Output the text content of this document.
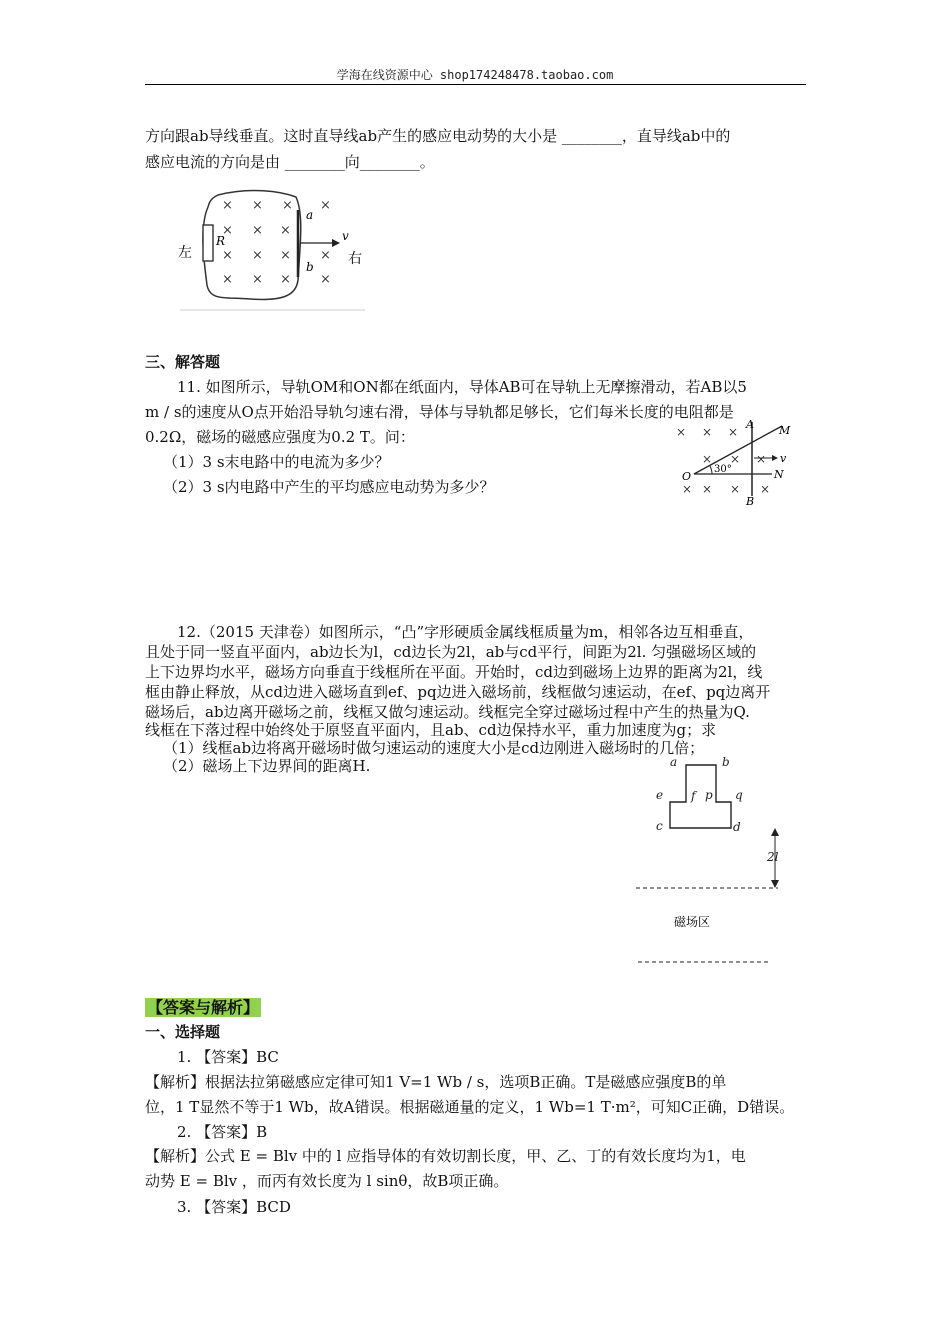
学海在线资源中心 shop174248478.taobao.com
方向跟ab导线垂直。这时直导线ab产生的感应电动势的大小是 ________，直导线ab中的
感应电流的方向是由 ________向________。
× × ×
× × ×
× × ×
× × ×
×
×
×
左	右
R
a
b
v
三、解答题
11. 如图所示，导轨OM和ON都在纸面内，导体AB可在导轨上无摩擦滑动，若AB以5
m / s的速度从O点开始沿导轨匀速右滑，导体与导轨都足够长，它们每米长度的电阻都是
0.2Ω，磁场的磁感应强度为0.2 T。问：
（1）3 s末电路中的电流为多少？
（2）3 s内电路中产生的平均感应电动势为多少？
× × ×
× × ×
× × × ×
O
A
B
M
N
v
30°
12.（2015 天津卷）如图所示，“凸”字形硬质金属线框质量为m，相邻各边互相垂直，
且处于同一竖直平面内，ab边长为l，cd边长为2l，ab与cd平行，间距为2l. 匀强磁场区域的
上下边界均水平，磁场方向垂直于线框所在平面。开始时，cd边到磁场上边界的距离为2l，线
框由静止释放，从cd边进入磁场直到ef、pq边进入磁场前，线框做匀速运动，在ef、pq边离开
磁场后，ab边离开磁场之前，线框又做匀速运动。线框完全穿过磁场过程中产生的热量为Q.
线框在下落过程中始终处于原竖直平面内，且ab、cd边保持水平，重力加速度为g；求
（1）线框ab边将离开磁场时做匀速运动的速度大小是cd边刚进入磁场时的几倍；
（2）磁场上下边界间的距离H.	a	b
e f p q
c	d
2l
磁场区
【答案与解析】
一、选择题
1. 【答案】BC
【解析】根据法拉第磁感应定律可知1 V=1 Wb / s，选项B正确。T是磁感应强度B的单
位，1 T显然不等于1 Wb，故A错误。根据磁通量的定义，1 Wb=1 T·m²，可知C正确，D错误。
2. 【答案】B
【解析】公式 E = Blv 中的 l 应指导体的有效切割长度，甲、乙、丁的有效长度均为1，电
动势 E = Blv ，而丙有效长度为 l sinθ，故B项正确。
3. 【答案】BCD
